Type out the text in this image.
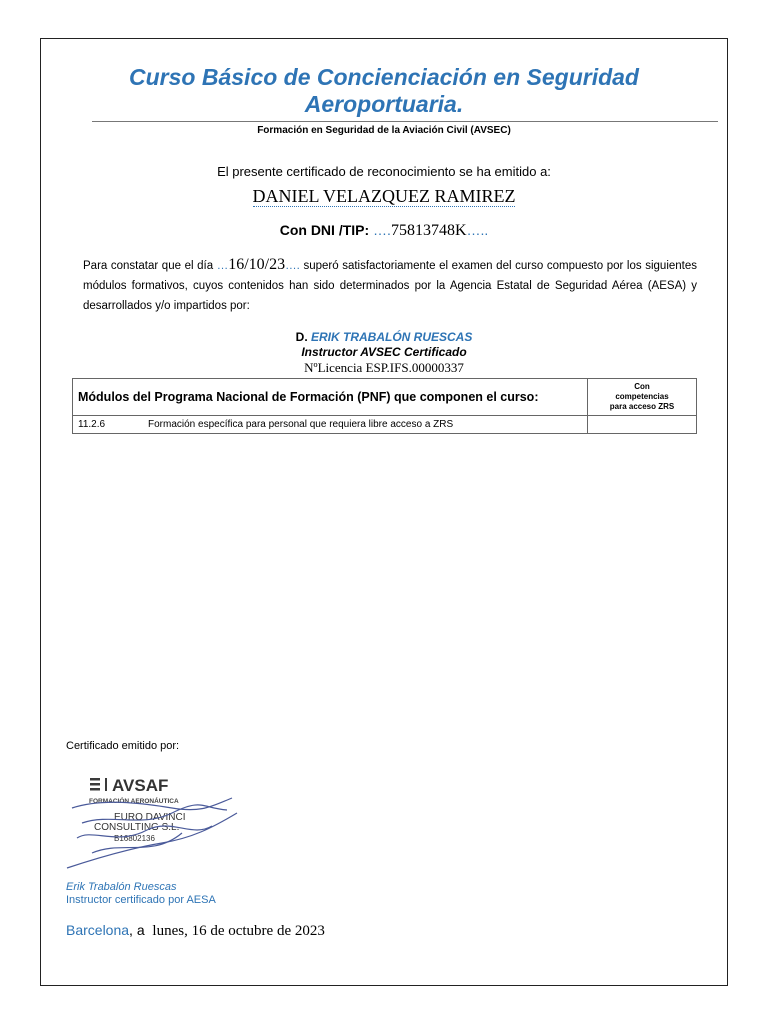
Curso Básico de Concienciación en Seguridad Aeroportuaria.
Formación en Seguridad de la Aviación Civil (AVSEC)
El presente certificado de reconocimiento se ha emitido a:
DANIEL VELAZQUEZ RAMIREZ
Con DNI /TIP: ….75813748K…..
Para constatar que el día …16/10/23…. superó satisfactoriamente el examen del curso compuesto por los siguientes módulos formativos, cuyos contenidos han sido determinados por la Agencia Estatal de Seguridad Aérea (AESA) y desarrollados y/o impartidos por:
D. ERIK TRABALÓN RUESCAS
Instructor AVSEC Certificado
NºLicencia ESP.IFS.00000337
Módulos del Programa Nacional de Formación (PNF) que componen el curso:		Con
competencias
para acceso ZRS

11.2.6	Formación específica para personal que requiera libre acceso a ZRS	
Certificado emitido por:
AVSAF
FORMACIÓN AERONÁUTICA
EURO DAVINCI
CONSULTING S.L.
B16802136
Erik Trabalón Ruescas
Instructor certificado por AESA
Barcelona, a lunes, 16 de octubre de 2023
